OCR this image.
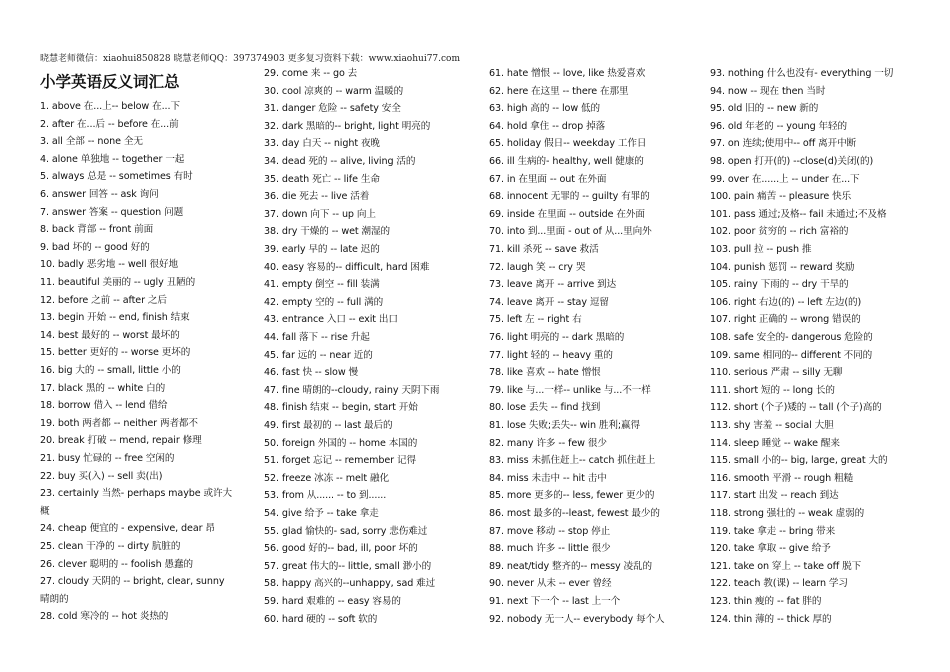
晓慧老师微信：xiaohui850828 晓慧老师QQ：397374903 更多复习资料下载：www.xiaohui77.com
小学英语反义词汇总
1. above 在...上-- below 在...下
2. after 在...后 -- before 在...前
3. all 全部 -- none 全无
4. alone 单独地 -- together 一起
5. always 总是 -- sometimes 有时
6. answer 回答 -- ask 询问
7. answer 答案 -- question 问题
8. back 背部 -- front 前面
9. bad 坏的 -- good 好的
10. badly 恶劣地 -- well 很好地
11. beautiful 美丽的 -- ugly 丑陋的
12. before 之前 -- after 之后
13. begin 开始 -- end, finish 结束
14. best 最好的 -- worst 最坏的
15. better 更好的 -- worse 更坏的
16. big 大的 -- small, little 小的
17. black 黑的 -- white 白的
18. borrow 借入 -- lend 借给
19. both 两者都 -- neither 两者都不
20. break 打破 -- mend, repair 修理
21. busy 忙碌的 -- free 空闲的
22. buy 买(入) -- sell 卖(出)
23. certainly 当然- perhaps maybe 或许大
概
24. cheap 便宜的 - expensive, dear 昂
25. clean 干净的 -- dirty 肮脏的
26. clever 聪明的 -- foolish 愚蠢的
27. cloudy 天阴的 -- bright, clear, sunny
晴朗的
28. cold 寒冷的 -- hot 炎热的
29. come 来 -- go 去
30. cool 凉爽的 -- warm 温暖的
31. danger 危险 -- safety 安全
32. dark 黑暗的-- bright, light 明亮的
33. day 白天 -- night 夜晚
34. dead 死的 -- alive, living 活的
35. death 死亡 -- life 生命
36. die 死去 -- live 活着
37. down 向下 -- up 向上
38. dry 干燥的 -- wet 潮湿的
39. early 早的 -- late 迟的
40. easy 容易的-- difficult, hard 困难
41. empty 倒空 -- fill 装满
42. empty 空的 -- full 满的
43. entrance 入口 -- exit 出口
44. fall 落下 -- rise 升起
45. far 远的 -- near 近的
46. fast 快 -- slow 慢
47. fine 晴朗的--cloudy, rainy 天阴下雨
48. finish 结束 -- begin, start 开始
49. first 最初的 -- last 最后的
50. foreign 外国的 -- home 本国的
51. forget 忘记 -- remember 记得
52. freeze 冰冻 -- melt 融化
53. from 从...... -- to 到......
54. give 给予 -- take 拿走
55. glad 愉快的- sad, sorry 悲伤难过
56. good 好的-- bad, ill, poor 坏的
57. great 伟大的-- little, small 渺小的
58. happy 高兴的--unhappy, sad 难过
59. hard 艰难的 -- easy 容易的
60. hard 硬的 -- soft 软的
61. hate 憎恨 -- love, like 热爱喜欢
62. here 在这里 -- there 在那里
63. high 高的 -- low 低的
64. hold 拿住 -- drop 掉落
65. holiday 假日-- weekday 工作日
66. ill 生病的- healthy, well 健康的
67. in 在里面 -- out 在外面
68. innocent 无罪的 -- guilty 有罪的
69. inside 在里面 -- outside 在外面
70. into 到...里面 - out of 从...里向外
71. kill 杀死 -- save 救活
72. laugh 笑 -- cry 哭
73. leave 离开 -- arrive 到达
74. leave 离开 -- stay 逗留
75. left 左 -- right 右
76. light 明亮的 -- dark 黑暗的
77. light 轻的 -- heavy 重的
78. like 喜欢 -- hate 憎恨
79. like 与...一样-- unlike 与...不一样
80. lose 丢失 -- find 找到
81. lose 失败;丢失-- win 胜利;赢得
82. many 许多 -- few 很少
83. miss 未抓住赶上-- catch 抓住赶上
84. miss 未击中 -- hit 击中
85. more 更多的-- less, fewer 更少的
86. most 最多的--least, fewest 最少的
87. move 移动 -- stop 停止
88. much 许多 -- little 很少
89. neat/tidy 整齐的-- messy 凌乱的
90. never 从未 -- ever 曾经
91. next 下一个 -- last 上一个
92. nobody 无一人-- everybody 每个人
93. nothing 什么也没有- everything 一切
94. now -- 现在 then 当时
95. old 旧的 -- new 新的
96. old 年老的 -- young 年轻的
97. on 连续;使用中-- off 离开中断
98. open 打开(的) --close(d)关闭(的)
99. over 在......上 -- under 在...下
100. pain 痛苦 -- pleasure 快乐
101. pass 通过;及格-- fail 未通过;不及格
102. poor 贫穷的 -- rich 富裕的
103. pull 拉 -- push 推
104. punish 惩罚 -- reward 奖励
105. rainy 下雨的 -- dry 干旱的
106. right 右边(的) -- left 左边(的)
107. right 正确的 -- wrong 错误的
108. safe 安全的- dangerous 危险的
109. same 相同的-- different 不同的
110. serious 严肃 -- silly 无聊
111. short 短的 -- long 长的
112. short (个子)矮的 -- tall (个子)高的
113. shy 害羞 -- social 大胆
114. sleep 睡觉 -- wake 醒来
115. small 小的-- big, large, great 大的
116. smooth 平滑 -- rough 粗糙
117. start 出发 -- reach 到达
118. strong 强壮的 -- weak 虚弱的
119. take 拿走 -- bring 带来
120. take 拿取 -- give 给予
121. take on 穿上 -- take off 脱下
122. teach 教(课) -- learn 学习
123. thin 瘦的 -- fat 胖的
124. thin 薄的 -- thick 厚的
